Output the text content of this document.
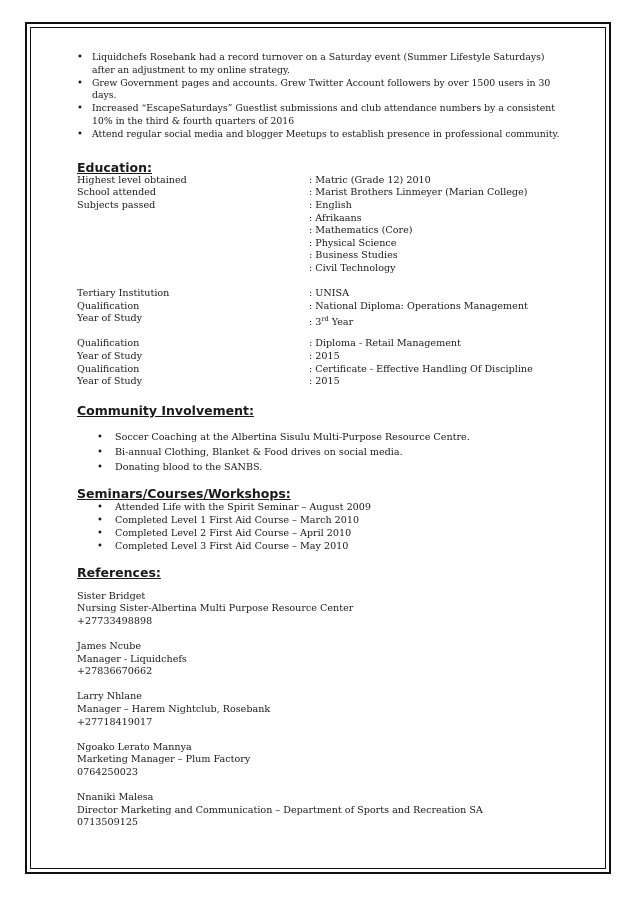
• Liquidchefs Rosebank had a record turnover on a Saturday event (Summer Lifestyle Saturdays) after an adjustment to my online strategy.
• Grew Government pages and accounts. Grew Twitter Account followers by over 1500 users in 30 days.
• Increased “EscapeSaturdays” Guestlist submissions and club attendance numbers by a consistent 10% in the third & fourth quarters of 2016
• Attend regular social media and blogger Meetups to establish presence in professional community.
Education:
Highest level obtained	: Matric (Grade 12) 2010
School attended	: Marist Brothers Linmeyer (Marian College)
Subjects passed	: English
: Afrikaans
: Mathematics (Core)
: Physical Science
: Business Studies
: Civil Technology
Tertiary Institution	: UNISA
Qualification	: National Diploma: Operations Management
Year of Study	: 3rd Year
Qualification	: Diploma - Retail Management
Year of Study	: 2015
Qualification	: Certificate - Effective Handling Of Discipline
Year of Study	: 2015
Community Involvement:
• Soccer Coaching at the Albertina Sisulu Multi-Purpose Resource Centre.
• Bi-annual Clothing, Blanket & Food drives on social media.
• Donating blood to the SANBS.
Seminars/Courses/Workshops:
• Attended Life with the Spirit Seminar – August 2009
• Completed Level 1 First Aid Course – March 2010
• Completed Level 2 First Aid Course – April 2010
• Completed Level 3 First Aid Course – May 2010
References:
Sister Bridget
Nursing Sister-Albertina Multi Purpose Resource Center
+27733498898
James Ncube
Manager - Liquidchefs
+27836670662
Larry Nhlane
Manager – Harem Nightclub, Rosebank
+27718419017
Ngoako Lerato Mannya
Marketing Manager – Plum Factory
0764250023
Nnaniki Malesa
Director Marketing and Communication – Department of Sports and Recreation SA
0713509125
